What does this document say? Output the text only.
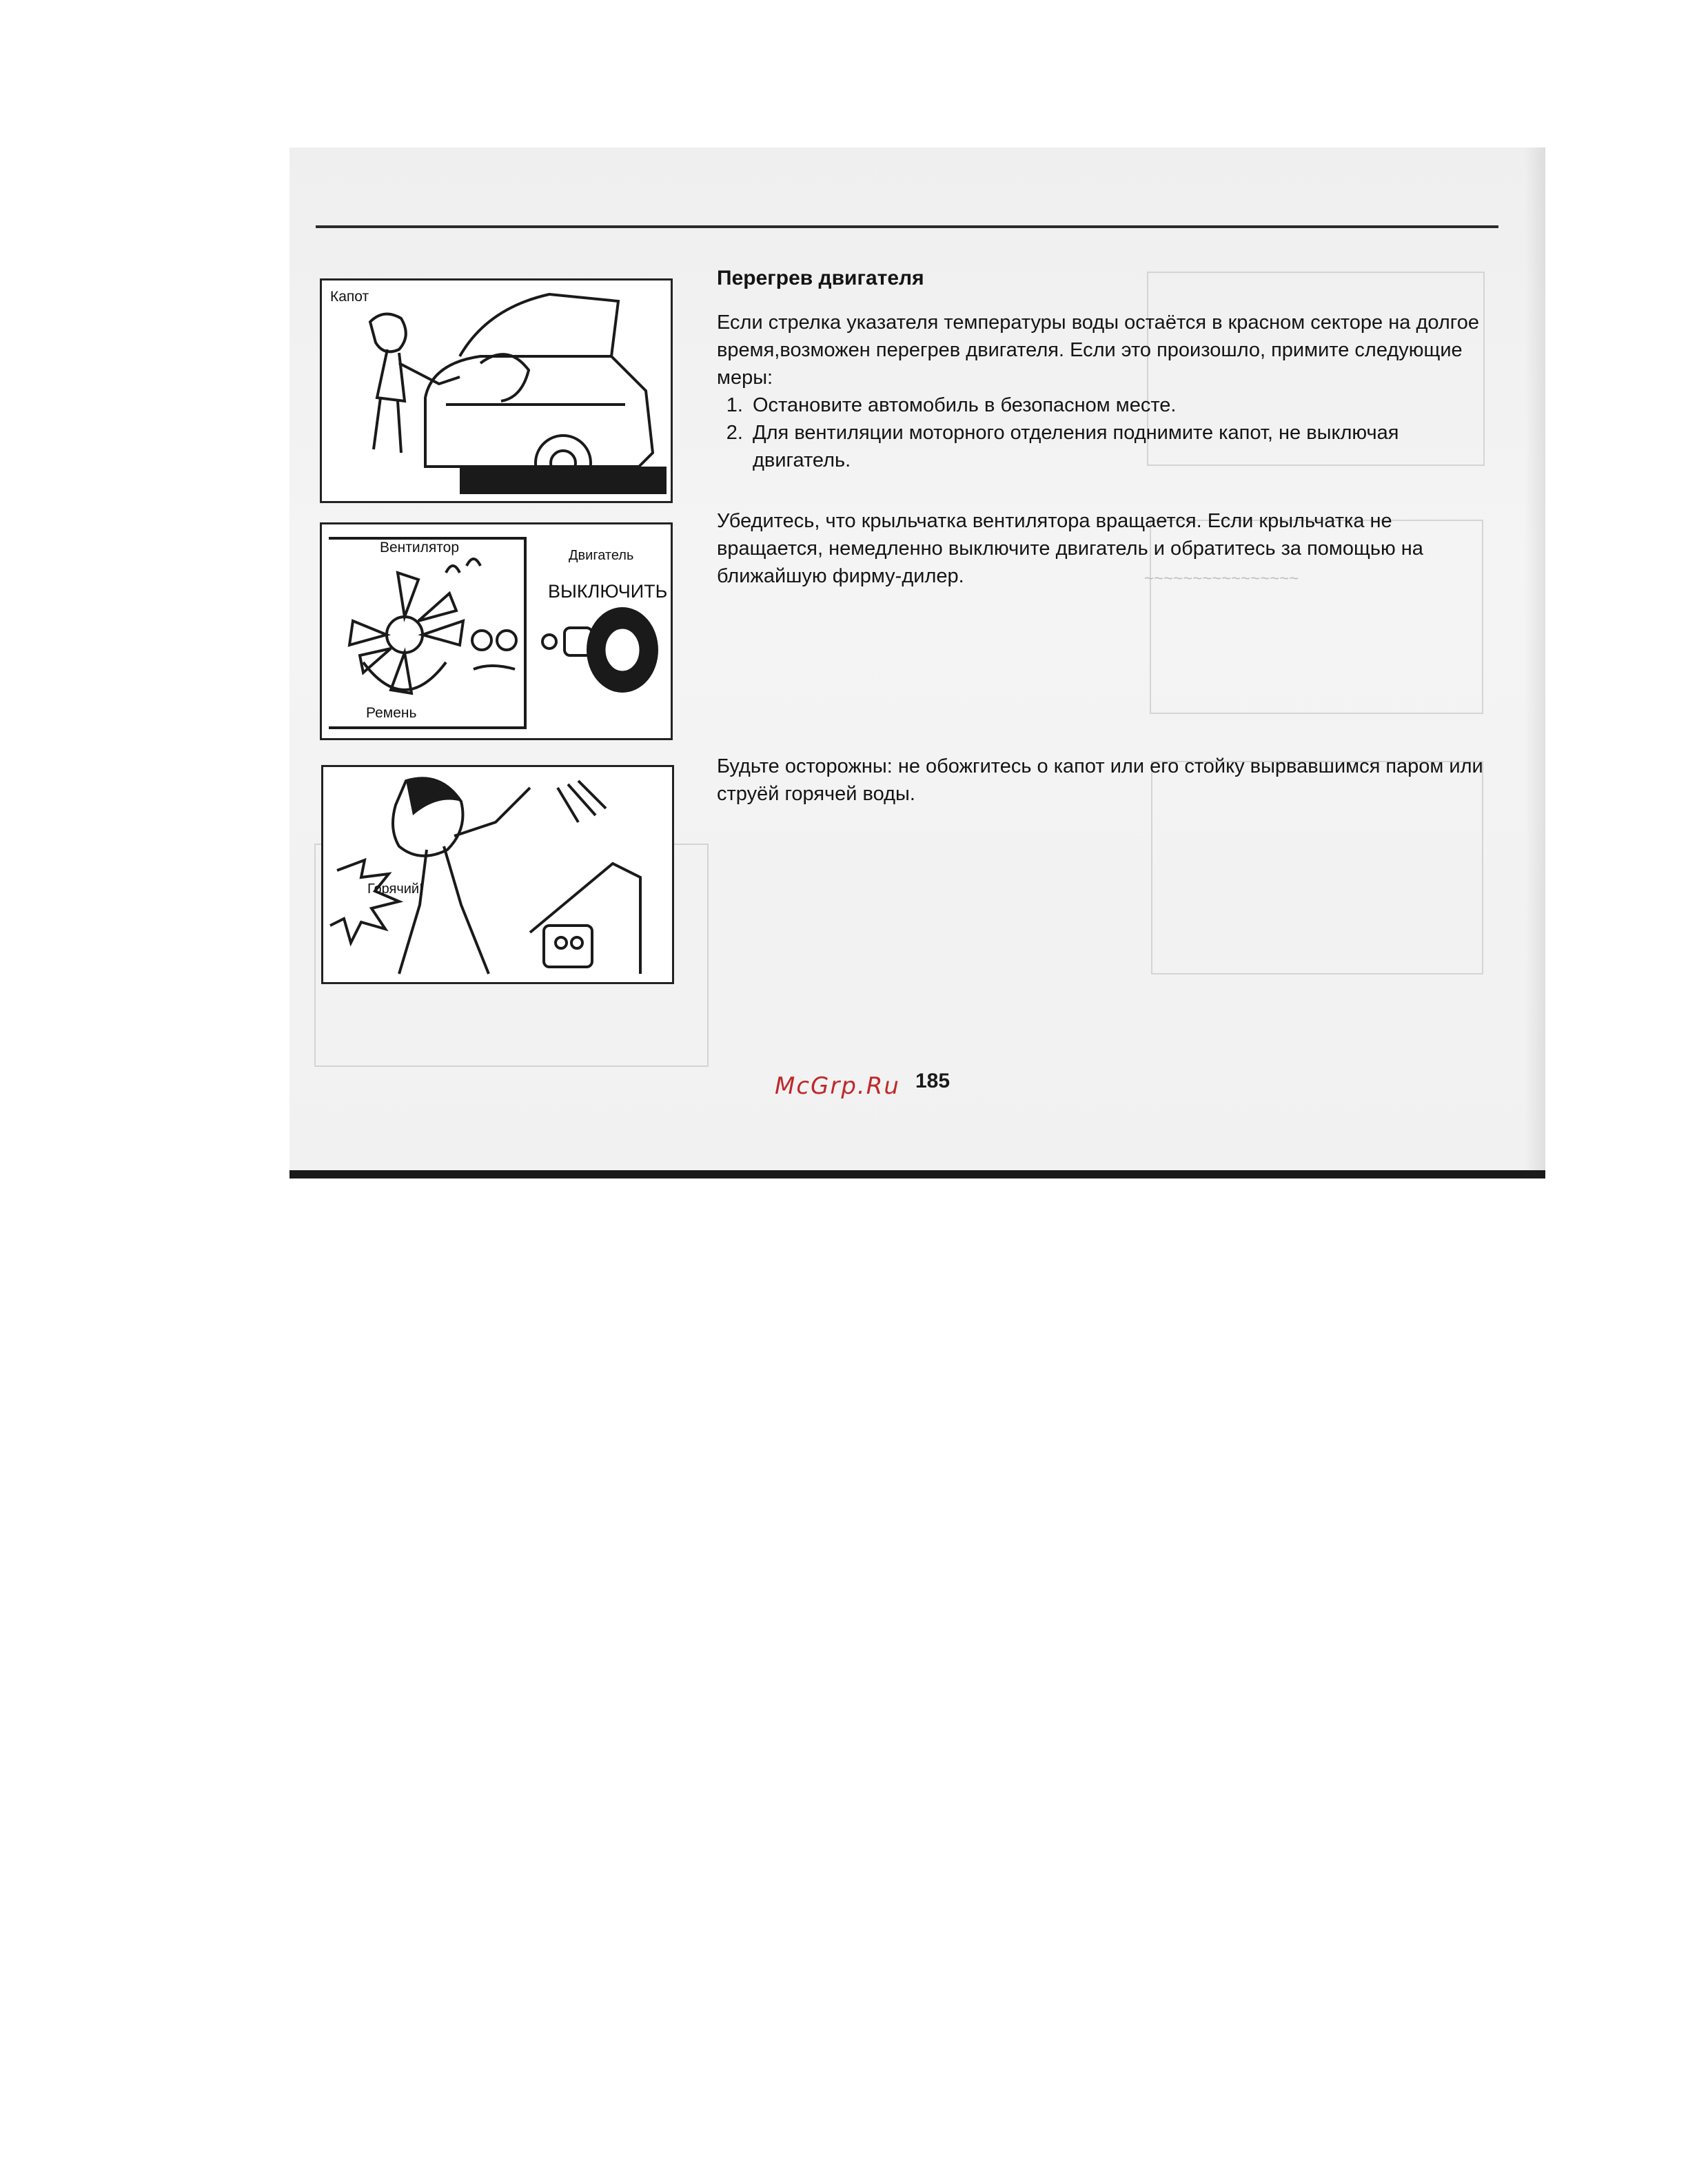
~~~~~~~~~~~~~~~~
Капот
Вентилятор	Двигатель
ВЫКЛЮЧИТЬ
Ремень
Горячий!
Перегрев двигателя
Если стрелка указателя температуры воды остаётся в красном секторе на долгое время,возможен перегрев двигателя. Если это произошло, примите следующие меры:
1. Остановите автомобиль в безопасном месте.
2. Для вентиляции моторного отделения поднимите капот, не выключая двигатель.
Убедитесь, что крыльчатка вентилятора вращается. Если крыльчатка не вращается, немедленно выключите двигатель и обратитесь за помощью на ближайшую фирму-дилер.
Будьте осторожны: не обожгитесь о капот или его стойку вырвавшимся паром или струёй горячей воды.
McGrp.Ru 185
